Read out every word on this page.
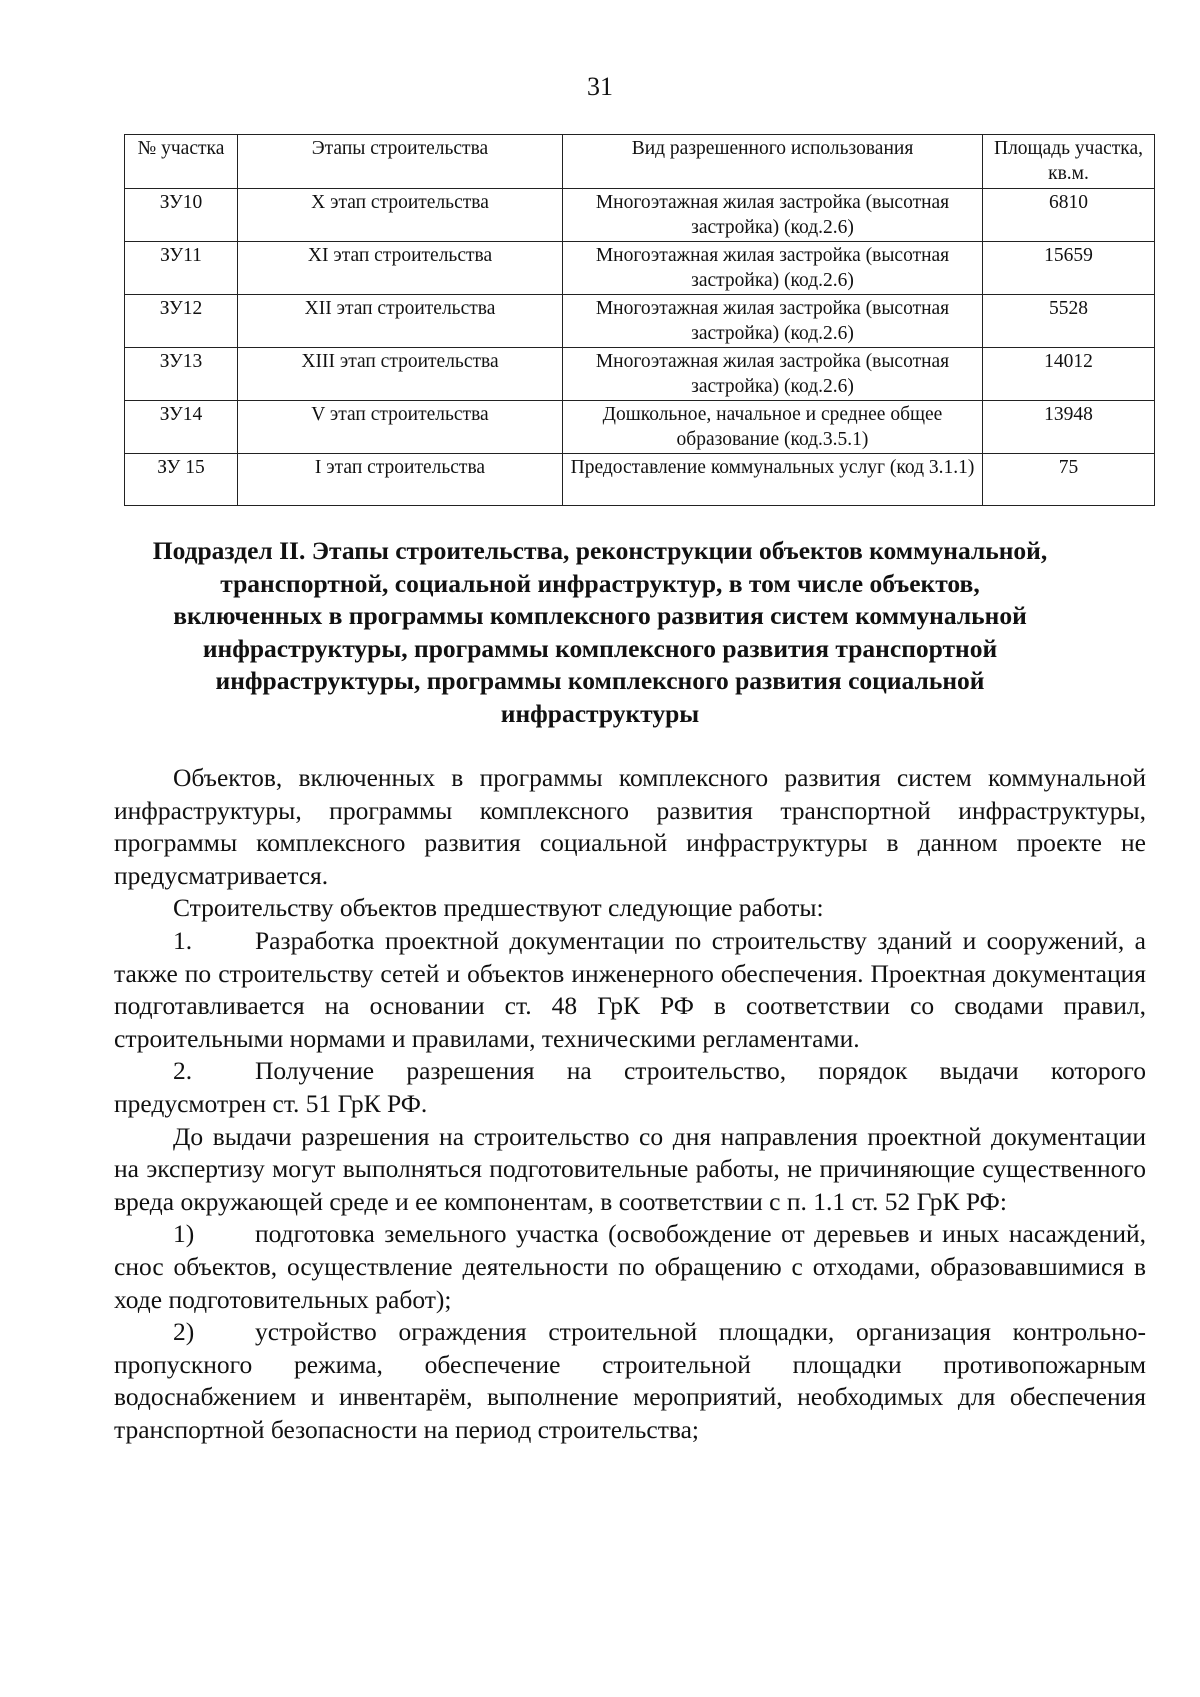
31
№ участка	Этапы строительства	Вид разрешенного использования	Площадь участка, кв.м.
ЗУ10	X этап строительства	Многоэтажная жилая застройка (высотная застройка) (код.2.6)	6810
ЗУ11	XI этап строительства	Многоэтажная жилая застройка (высотная застройка) (код.2.6)	15659
ЗУ12	XII этап строительства	Многоэтажная жилая застройка (высотная застройка) (код.2.6)	5528
ЗУ13	XIII этап строительства	Многоэтажная жилая застройка (высотная застройка) (код.2.6)	14012
ЗУ14	V этап строительства	Дошкольное, начальное и среднее общее образование (код.3.5.1)	13948
ЗУ 15	I этап строительства	Предоставление коммунальных услуг (код 3.1.1)	75
Подраздел II. Этапы строительства, реконструкции объектов коммунальной, транспортной, социальной инфраструктур, в том числе объектов, включенных в программы комплексного развития систем коммунальной инфраструктуры, программы комплексного развития транспортной инфраструктуры, программы комплексного развития социальной инфраструктуры

Объектов, включенных в программы комплексного развития систем коммунальной инфраструктуры, программы комплексного развития транспортной инфраструктуры, программы комплексного развития социальной инфраструктуры в данном проекте не предусматривается.

Строительству объектов предшествуют следующие работы:

1. Разработка проектной документации по строительству зданий и сооружений, а также по строительству сетей и объектов инженерного обеспечения. Проектная документация подготавливается на основании ст. 48 ГрК РФ в соответствии со сводами правил, строительными нормами и правилами, техническими регламентами.

2. Получение разрешения на строительство, порядок выдачи которого предусмотрен ст. 51 ГрК РФ.

До выдачи разрешения на строительство со дня направления проектной документации на экспертизу могут выполняться подготовительные работы, не причиняющие существенного вреда окружающей среде и ее компонентам, в соответствии с п. 1.1 ст. 52 ГрК РФ:

1) подготовка земельного участка (освобождение от деревьев и иных насаждений, снос объектов, осуществление деятельности по обращению с отходами, образовавшимися в ходе подготовительных работ);

2) устройство ограждения строительной площадки, организация контрольно-пропускного режима, обеспечение строительной площадки противопожарным водоснабжением и инвентарём, выполнение мероприятий, необходимых для обеспечения транспортной безопасности на период строительства;
